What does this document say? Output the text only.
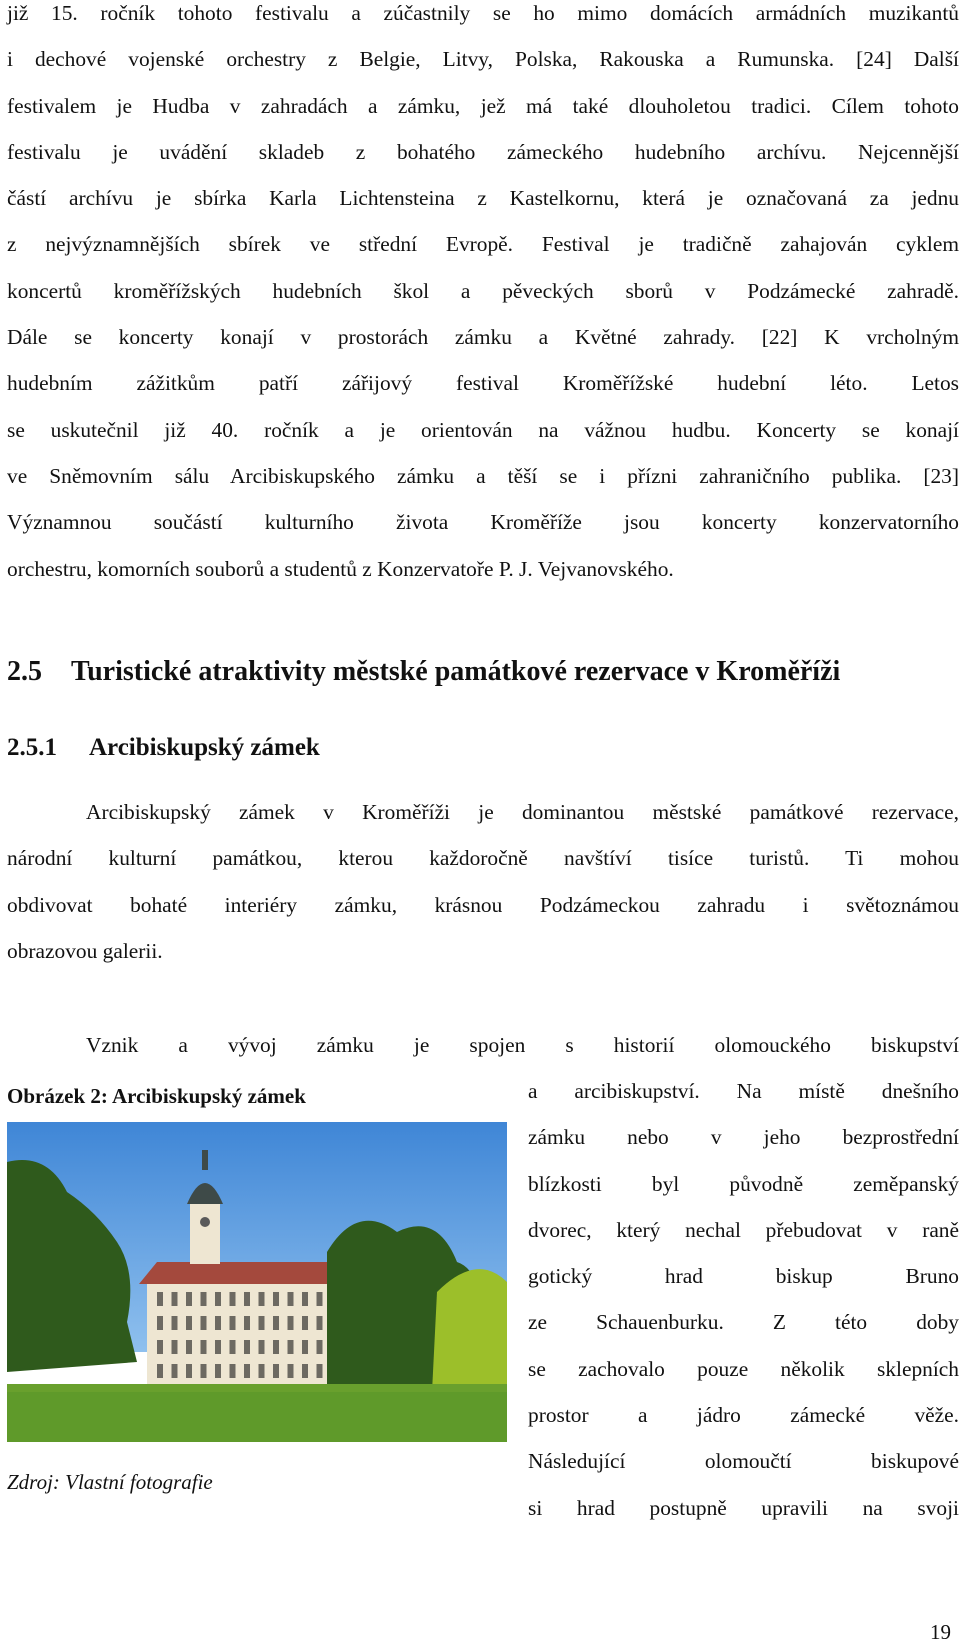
již 15. ročník tohoto festivalu a zúčastnily se ho mimo domácích armádních muzikantů
i dechové vojenské orchestry z Belgie, Litvy, Polska, Rakouska a Rumunska. [24] Další
festivalem je Hudba v zahradách a zámku, jež má také dlouholetou tradici. Cílem tohoto
festivalu je uvádění skladeb z bohatého zámeckého hudebního archívu. Nejcennější
částí archívu je sbírka Karla Lichtensteina z Kastelkornu, která je označovaná za jednu
z nejvýznamnějších sbírek ve střední Evropě. Festival je tradičně zahajován cyklem
koncertů kroměřížských hudebních škol a pěveckých sborů v Podzámecké zahradě.
Dále se koncerty konají v prostorách zámku a Květné zahrady. [22] K vrcholným
hudebním zážitkům patří zářijový festival Kroměřížské hudební léto. Letos
se uskutečnil již 40. ročník a je orientován na vážnou hudbu. Koncerty se konají
ve Sněmovním sálu Arcibiskupského zámku a těší se i přízni zahraničního publika. [23]
Významnou součástí kulturního života Kroměříže jsou koncerty konzervatorního
orchestru, komorních souborů a studentů z Konzervatoře P. J. Vejvanovského.
2.5 Turistické atraktivity městské památkové rezervace v Kroměříži
2.5.1 Arcibiskupský zámek
Arcibiskupský zámek v Kroměříži je dominantou městské památkové rezervace,
národní kulturní památkou, kterou každoročně navštíví tisíce turistů. Ti mohou
obdivovat bohaté interiéry zámku, krásnou Podzámeckou zahradu i světoznámou
obrazovou galerii.
Vznik a vývoj zámku je spojen s historií olomouckého biskupství
Obrázek 2: Arcibiskupský zámek	a arcibiskupství. Na místě dnešního
zámku nebo v jeho bezprostřední
blízkosti byl původně zeměpanský
dvorec, který nechal přebudovat v raně
gotický hrad biskup Bruno
ze Schauenburku. Z této doby
se zachovalo pouze několik sklepních
prostor a jádro zámecké věže.
Následující olomoučtí biskupové
si hrad postupně upravili na svoji
Zdroj: Vlastní fotografie
19
